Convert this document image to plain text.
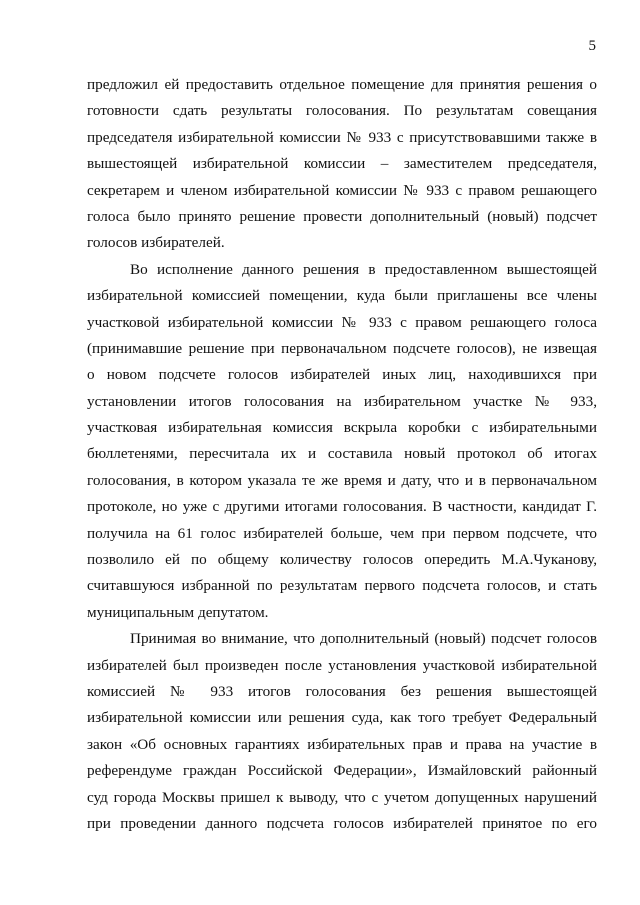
5
предложил ей предоставить отдельное помещение для принятия решения о
готовности сдать результаты голосования. По результатам совещания
председателя избирательной комиссии № 933 с присутствовавшими также в
вышестоящей избирательной комиссии – заместителем председателя,
секретарем и членом избирательной комиссии № 933 с правом решающего
голоса было принято решение провести дополнительный (новый) подсчет
голосов избирателей.
Во исполнение данного решения в предоставленном вышестоящей
избирательной комиссией помещении, куда были приглашены все члены
участковой избирательной комиссии № 933 с правом решающего голоса
(принимавшие решение при первоначальном подсчете голосов), не извещая
о новом подсчете голосов избирателей иных лиц, находившихся при
установлении итогов голосования на избирательном участке № 933,
участковая избирательная комиссия вскрыла коробки с избирательными
бюллетенями, пересчитала их и составила новый протокол об итогах
голосования, в котором указала те же время и дату, что и в первоначальном
протоколе, но уже с другими итогами голосования. В частности, кандидат Г.
получила на 61 голос избирателей больше, чем при первом подсчете, что
позволило ей по общему количеству голосов опередить М.А.Чуканову,
считавшуюся избранной по результатам первого подсчета голосов, и стать
муниципальным депутатом.
Принимая во внимание, что дополнительный (новый) подсчет голосов
избирателей был произведен после установления участковой избирательной
комиссией № 933 итогов голосования без решения вышестоящей
избирательной комиссии или решения суда, как того требует Федеральный
закон «Об основных гарантиях избирательных прав и права на участие в
референдуме граждан Российской Федерации», Измайловский районный
суд города Москвы пришел к выводу, что с учетом допущенных нарушений
при проведении данного подсчета голосов избирателей принятое по его
